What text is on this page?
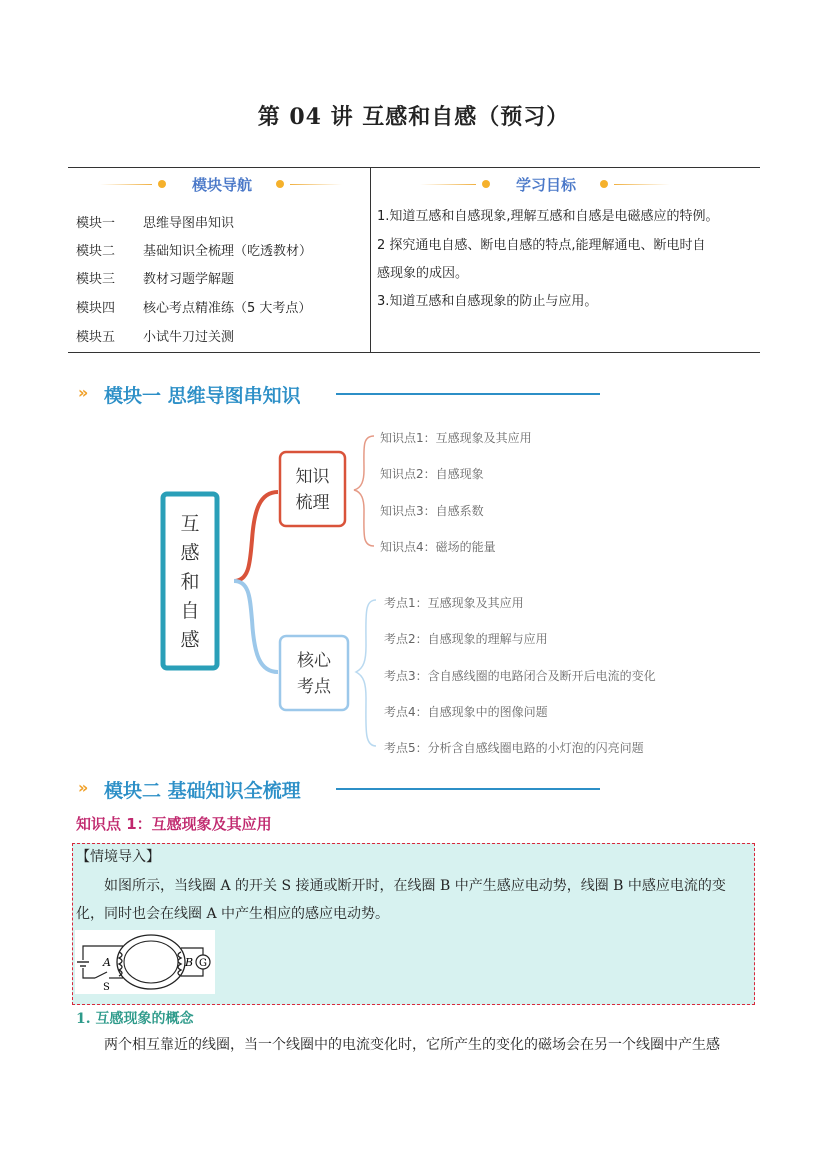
第 04 讲 互感和自感（预习）
模块导航
模块一 思维导图串知识
模块二 基础知识全梳理（吃透教材）
模块三 教材习题学解题
模块四 核心考点精准练（5 大考点）
模块五 小试牛刀过关测
学习目标
1.知道互感和自感现象,理解互感和自感是电磁感应的特例。
2 探究通电自感、断电自感的特点,能理解通电、断电时自
感现象的成因。
3.知道互感和自感现象的防止与应用。
» 模块一 思维导图串知识
互
感
和
自
感
知识
梳理
核心
考点
知识点1：互感现象及其应用
知识点2：自感现象
知识点3：自感系数
知识点4：磁场的能量
考点1：互感现象及其应用
考点2：自感现象的理解与应用
考点3：含自感线圈的电路闭合及断开后电流的变化
考点4：自感现象中的图像问题
考点5：分析含自感线圈电路的小灯泡的闪亮问题
» 模块二 基础知识全梳理
知识点 1：互感现象及其应用
【情境导入】
如图所示，当线圈 A 的开关 S 接通或断开时，在线圈 B 中产生感应电动势，线圈 B 中感应电流的变化，同时也会在线圈 A 中产生相应的感应电动势。
G
A	B
S
1. 互感现象的概念
两个相互靠近的线圈，当一个线圈中的电流变化时，它所产生的变化的磁场会在另一个线圈中产生感
